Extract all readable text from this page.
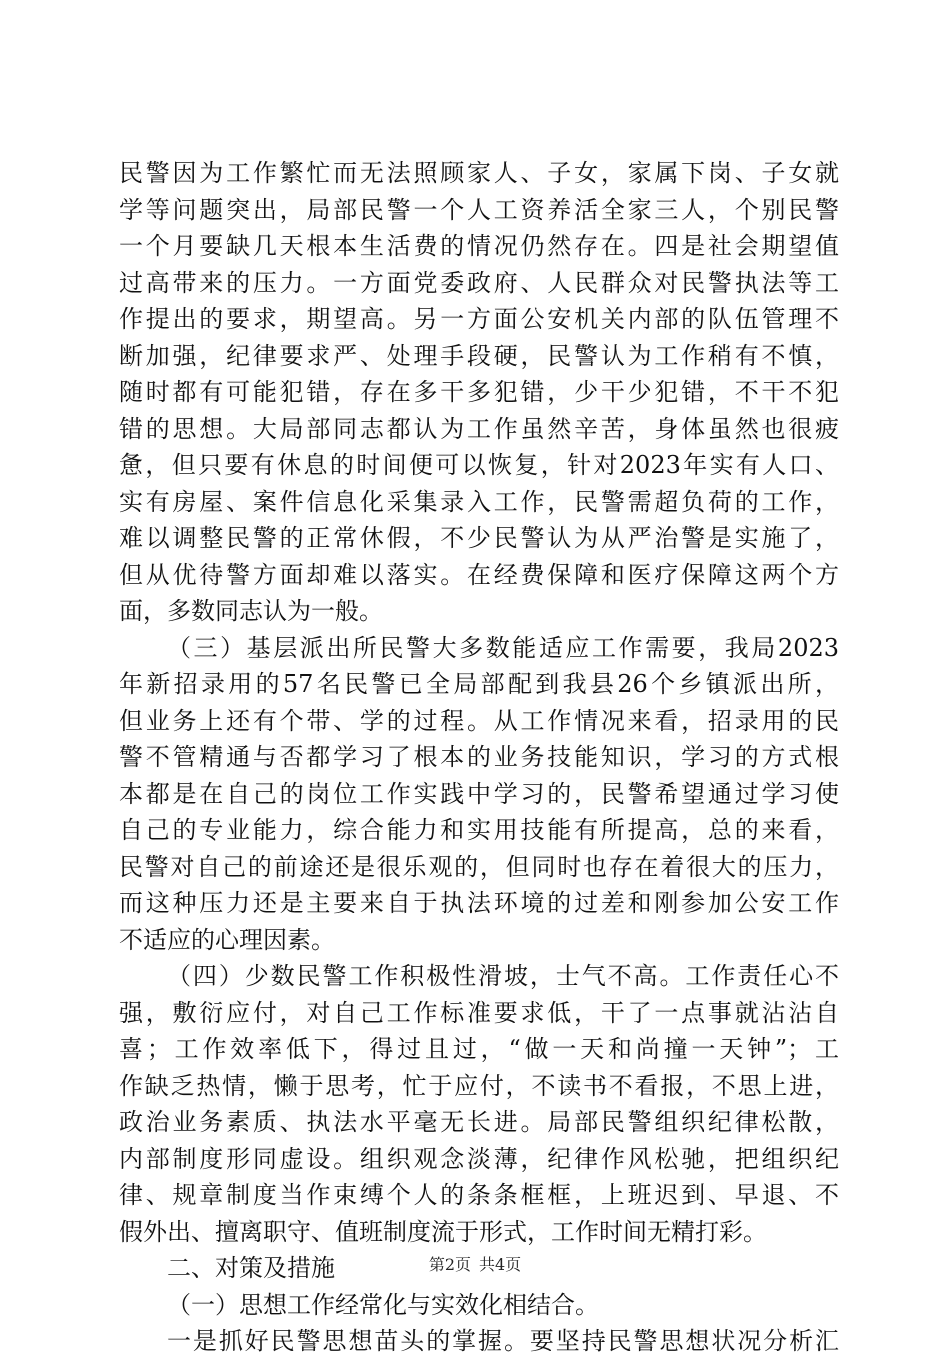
民警因为工作繁忙而无法照顾家人、子女，家属下岗、子女就
学等问题突出，局部民警一个人工资养活全家三人，个别民警
一个月要缺几天根本生活费的情况仍然存在。四是社会期望值
过高带来的压力。一方面党委政府、人民群众对民警执法等工
作提出的要求，期望高。另一方面公安机关内部的队伍管理不
断加强，纪律要求严、处理手段硬，民警认为工作稍有不慎，
随时都有可能犯错，存在多干多犯错，少干少犯错，不干不犯
错的思想。大局部同志都认为工作虽然辛苦，身体虽然也很疲
惫，但只要有休息的时间便可以恢复，针对2023年实有人口、
实有房屋、案件信息化采集录入工作，民警需超负荷的工作，
难以调整民警的正常休假，不少民警认为从严治警是实施了，
但从优待警方面却难以落实。在经费保障和医疗保障这两个方
面，多数同志认为一般。
（三）基层派出所民警大多数能适应工作需要，我局2023
年新招录用的57名民警已全局部配到我县26个乡镇派出所，
但业务上还有个带、学的过程。从工作情况来看，招录用的民
警不管精通与否都学习了根本的业务技能知识，学习的方式根
本都是在自己的岗位工作实践中学习的，民警希望通过学习使
自己的专业能力，综合能力和实用技能有所提高，总的来看，
民警对自己的前途还是很乐观的，但同时也存在着很大的压力，
而这种压力还是主要来自于执法环境的过差和刚参加公安工作
不适应的心理因素。
（四）少数民警工作积极性滑坡，士气不高。工作责任心不
强，敷衍应付，对自己工作标准要求低，干了一点事就沾沾自
喜；工作效率低下，得过且过，“做一天和尚撞一天钟”；工
作缺乏热情，懒于思考，忙于应付，不读书不看报，不思上进，
政治业务素质、执法水平毫无长进。局部民警组织纪律松散，
内部制度形同虚设。组织观念淡薄，纪律作风松驰，把组织纪
律、规章制度当作束缚个人的条条框框，上班迟到、早退、不
假外出、擅离职守、值班制度流于形式，工作时间无精打彩。
二、对策及措施
（一）思想工作经常化与实效化相结合。
一是抓好民警思想苗头的掌握。要坚持民警思想状况分析汇
第2页 共4页
